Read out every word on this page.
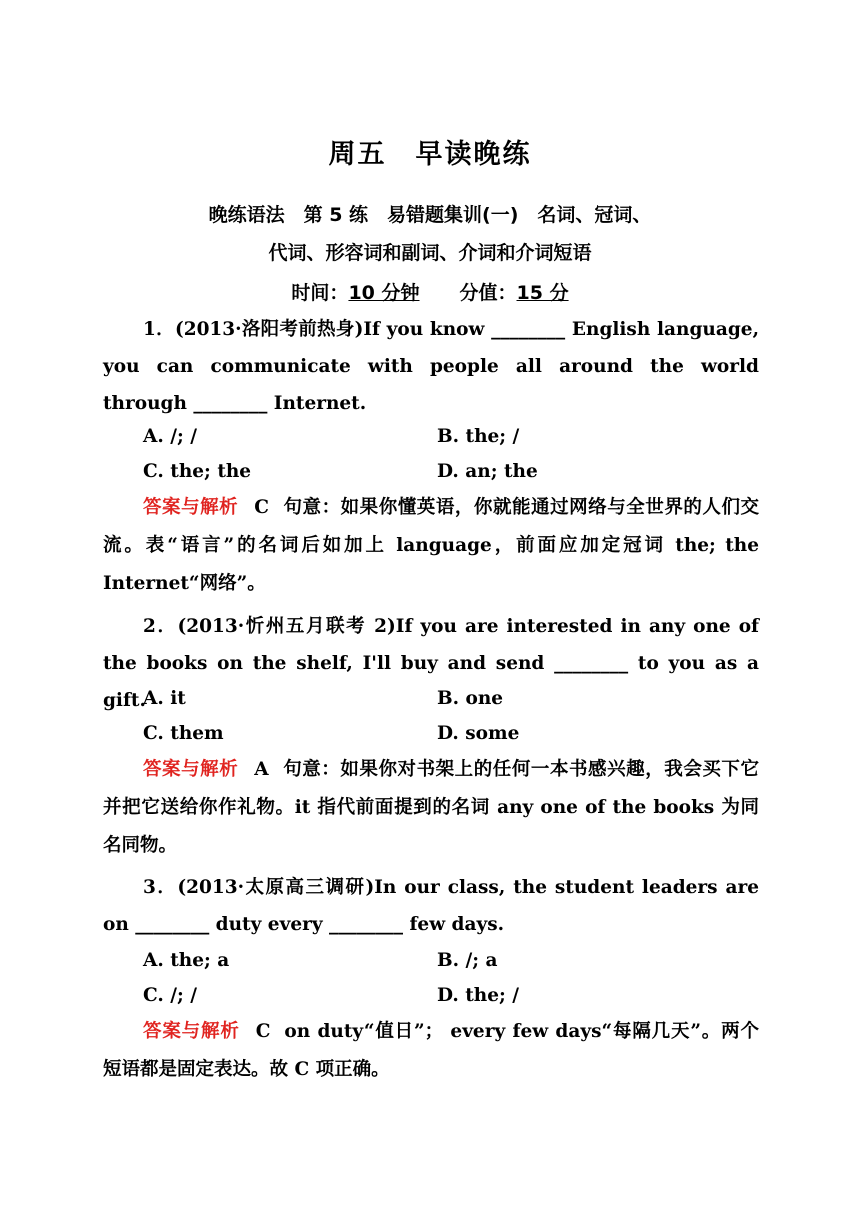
周五　早读晚练
晚练语法　第 5 练　易错题集训(一)　名词、冠词、
代词、形容词和副词、介词和介词短语
时间：10 分钟 分值：15 分
1．(2013·洛阳考前热身)If you know ________ English language, you can communicate with people all around the world through ________ Internet.
A. /; /	B. the; /
C. the; the	D. an; the
答案与解析 C 句意：如果你懂英语，你就能通过网络与全世界的人们交流。表“语言”的名词后如加上 language，前面应加定冠词 the; the Internet“网络”。
2．(2013·忻州五月联考 2)If you are interested in any one of the books on the shelf, I'll buy and send ________ to you as a gift.
A. it	B. one
C. them	D. some
答案与解析 A 句意：如果你对书架上的任何一本书感兴趣，我会买下它并把它送给你作礼物。it 指代前面提到的名词 any one of the books 为同名同物。
3．(2013·太原高三调研)In our class, the student leaders are on ________ duty every ________ few days.
A. the; a	B. /; a
C. /; /	D. the; /
答案与解析 C on duty“值日”； every few days“每隔几天”。两个短语都是固定表达。故 C 项正确。
